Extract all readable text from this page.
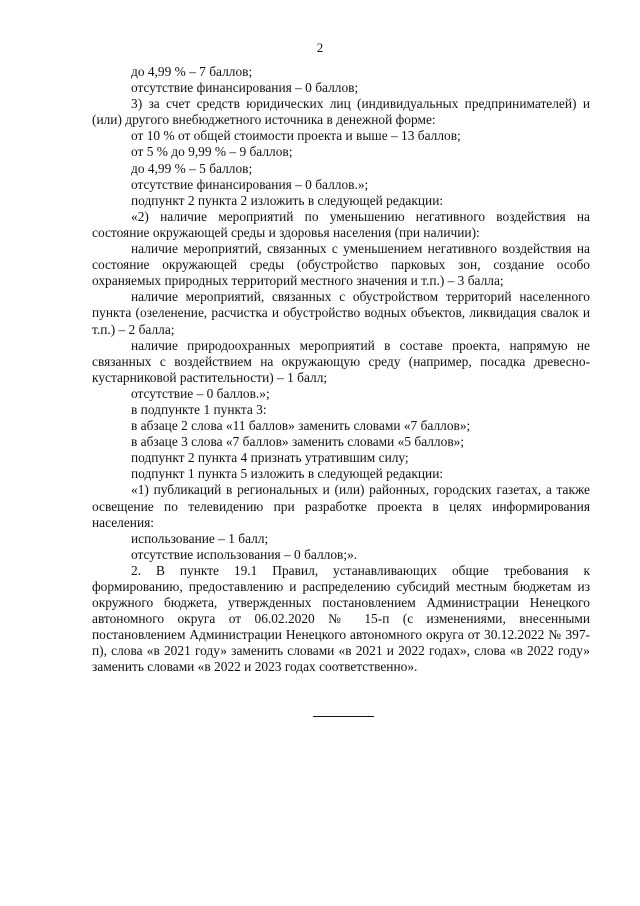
2

до 4,99 % – 7 баллов;

отсутствие финансирования – 0 баллов;

3) за счет средств юридических лиц (индивидуальных предпринимателей) и (или) другого внебюджетного источника в денежной форме:

от 10 % от общей стоимости проекта и выше – 13 баллов;

от 5 % до 9,99 % – 9 баллов;

до 4,99 % – 5 баллов;

отсутствие финансирования – 0 баллов.»;

подпункт 2 пункта 2 изложить в следующей редакции:

«2) наличие мероприятий по уменьшению негативного воздействия на состояние окружающей среды и здоровья населения (при наличии):

наличие мероприятий, связанных с уменьшением негативного воздействия на состояние окружающей среды (обустройство парковых зон, создание особо охраняемых природных территорий местного значения и т.п.) – 3 балла;

наличие мероприятий, связанных с обустройством территорий населенного пункта (озеленение, расчистка и обустройство водных объектов, ликвидация свалок и т.п.) – 2 балла;

наличие природоохранных мероприятий в составе проекта, напрямую не связанных с воздействием на окружающую среду (например, посадка древесно-кустарниковой растительности) – 1 балл;

отсутствие – 0 баллов.»;

в подпункте 1 пункта 3:

в абзаце 2 слова «11 баллов» заменить словами «7 баллов»;

в абзаце 3 слова «7 баллов» заменить словами «5 баллов»;

подпункт 2 пункта 4 признать утратившим силу;

подпункт 1 пункта 5 изложить в следующей редакции:

«1) публикаций в региональных и (или) районных, городских газетах, а также освещение по телевидению при разработке проекта в целях информирования населения:

использование – 1 балл;

отсутствие использования – 0 баллов;».

2. В пункте 19.1 Правил, устанавливающих общие требования к формированию, предоставлению и распределению субсидий местным бюджетам из окружного бюджета, утвержденных постановлением Администрации Ненецкого автономного округа от 06.02.2020 № 15-п (с изменениями, внесенными постановлением Администрации Ненецкого автономного округа от 30.12.2022 № 397-п), слова «в 2021 году» заменить словами «в 2021 и 2022 годах», слова «в 2022 году» заменить словами «в 2022 и 2023 годах соответственно».
